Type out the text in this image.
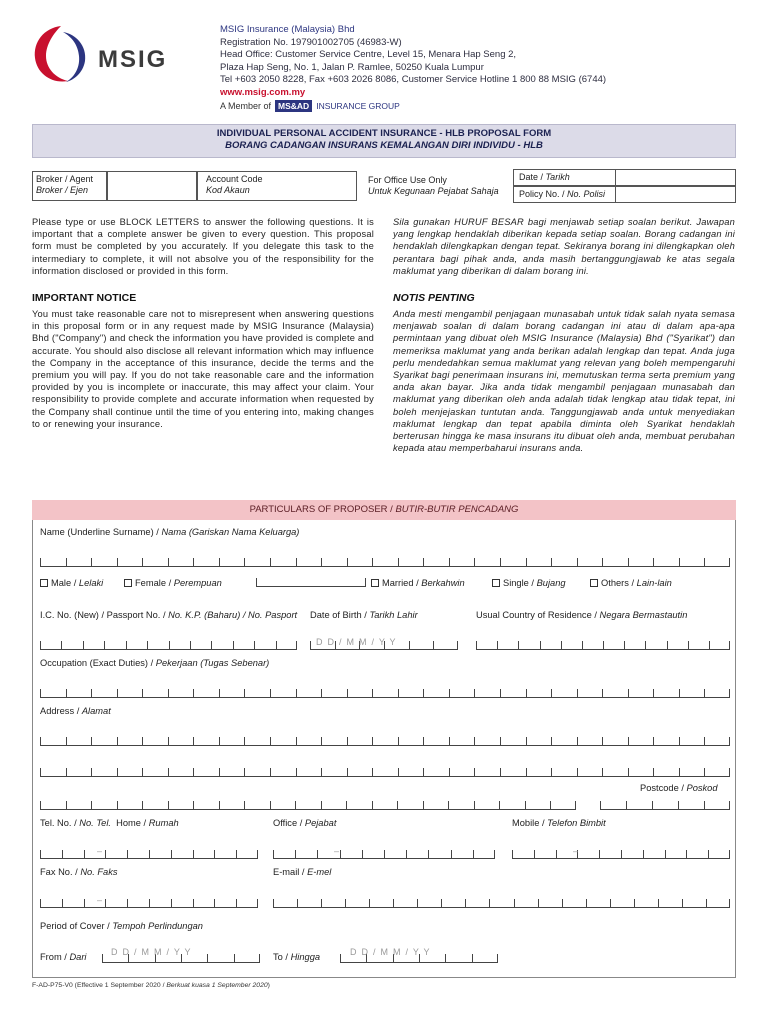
MSIG
MSIG Insurance (Malaysia) Bhd
Registration No. 197901002705 (46983-W)
Head Office: Customer Service Centre, Level 15, Menara Hap Seng 2,
Plaza Hap Seng, No. 1, Jalan P. Ramlee, 50250 Kuala Lumpur
Tel +603 2050 8228, Fax +603 2026 8086, Customer Service Hotline 1 800 88 MSIG (6744)
www.msig.com.my
A Member of MS&AD INSURANCE GROUP
INDIVIDUAL PERSONAL ACCIDENT INSURANCE - HLB PROPOSAL FORM
BORANG CADANGAN INSURANS KEMALANGAN DIRI INDIVIDU - HLB
Broker / Agent
Broker / Ejen
Account Code
Kod Akaun
For Office Use Only
Untuk Kegunaan Pejabat Sahaja
Date / Tarikh
Policy No. / No. Polisi
Please type or use BLOCK LETTERS to answer the following questions. It is important that a complete answer be given to every question. This proposal form must be completed by you accurately. If you delegate this task to the intermediary to complete, it will not absolve you of the responsibility for the information disclosed or provided in this form.
Sila gunakan HURUF BESAR bagi menjawab setiap soalan berikut. Jawapan yang lengkap hendaklah diberikan kepada setiap soalan. Borang cadangan ini hendaklah dilengkapkan dengan tepat. Sekiranya borang ini dilengkapkan oleh perantara bagi pihak anda, anda masih bertanggungjawab ke atas segala maklumat yang diberikan di dalam borang ini.
IMPORTANT NOTICE	NOTIS PENTING
You must take reasonable care not to misrepresent when answering questions in this proposal form or in any request made by MSIG Insurance (Malaysia) Bhd ("Company") and check the information you have provided is complete and accurate. You should also disclose all relevant information which may influence the Company in the acceptance of this insurance, decide the terms and the premium you will pay. If you do not take reasonable care and the information provided by you is incomplete or inaccurate, this may affect your claim. Your responsibility to provide complete and accurate information when requested by the Company shall continue until the time of you entering into, making changes to or renewing your insurance.
Anda mesti mengambil penjagaan munasabah untuk tidak salah nyata semasa menjawab soalan di dalam borang cadangan ini atau di dalam apa-apa permintaan yang dibuat oleh MSIG Insurance (Malaysia) Bhd ("Syarikat") dan memeriksa maklumat yang anda berikan adalah lengkap dan tepat. Anda juga perlu mendedahkan semua maklumat yang relevan yang boleh mempengaruhi Syarikat bagi penerimaan insurans ini, memutuskan terma serta premium yang anda akan bayar. Jika anda tidak mengambil penjagaan munasabah dan maklumat yang diberikan oleh anda adalah tidak lengkap atau tidak tepat, ini boleh menjejaskan tuntutan anda. Tanggungjawab anda untuk menyediakan maklumat lengkap dan tepat apabila diminta oleh Syarikat hendaklah berterusan hingga ke masa insurans itu dibuat oleh anda, membuat perubahan kepada atau memperbaharui insurans anda.
PARTICULARS OF PROPOSER / BUTIR-BUTIR PENCADANG
Name (Underline Surname) / Nama (Gariskan Nama Keluarga)
Male / Lelaki	Female / Perempuan	Married / Berkahwin	Single / Bujang	Others / Lain-lain
I.C. No. (New) / Passport No. / No. K.P. (Baharu) / No. Pasport Date of Birth / Tarikh Lahir	Usual Country of Residence / Negara Bermastautin
D  D  /  M  M  /  Y  Y
Occupation (Exact Duties) / Pekerjaan (Tugas Sebenar)
Address / Alamat
Postcode / Poskod
Tel. No. / No. Tel. Home / Rumah	Office / Pejabat	Mobile / Telefon Bimbit
–	–	–
Fax No. / No. Faks	E-mail / E-mel
–
Period of Cover / Tempoh Perlindungan
From / Dari	D  D  /  M  M  /  Y  Y	To / Hingga	D  D  /  M  M  /  Y  Y
F-AD-P75-V0 (Effective 1 September 2020 / Berkuat kuasa 1 September 2020)
